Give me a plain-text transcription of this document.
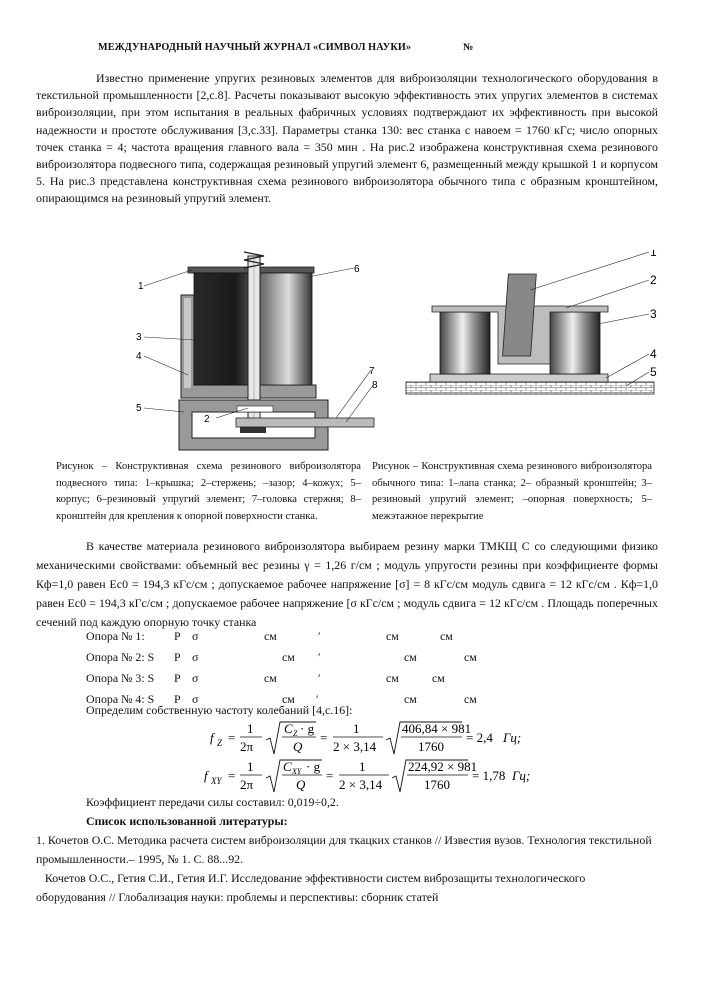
МЕЖДУНАРОДНЫЙ НАУЧНЫЙ ЖУРНАЛ «СИМВОЛ НАУКИ»	№

Известно применение упругих резиновых элементов для виброизоляции технологического оборудования в текстильной промышленности [2,с.8]. Расчеты показывают высокую эффективность этих упругих элементов в системах виброизоляции, при этом испытания в реальных фабричных условиях подтверждают их эффективность при высокой надежности и простоте обслуживания [3,с.33]. Параметры станка 130: вес станка с навоем = 1760 кГс; число опорных точек станка = 4; частота вращения главного вала = 350 мин . На рис.2 изображена конструктивная схема резинового виброизолятора подвесного типа, содержащая резиновый упругий элемент 6, размещенный между крышкой 1 и корпусом 5. На рис.3 представлена конструктивная схема резинового виброизолятора обычного типа с образным кронштейном, опирающимся на резиновый упругий элемент.

1
6
3
4
5
2
7
8
1
2
3
4
5
Рисунок – Конструктивная схема резинового виброизолятора подвесного типа: 1–крышка; 2–стержень; –зазор; 4–кожух; 5–корпус; 6–резиновый упругий элемент; 7–головка стержня; 8–кронштейн для крепления к опорной поверхности станка.
Рисунок – Конструктивная схема резинового виброизолятора обычного типа: 1–лапа станка; 2– образный кронштейн; 3–резиновый упругий элемент; –опорная поверхность; 5–межэтажное перекрытие

В качестве материала резинового виброизолятора выбираем резину марки ТМКЩ С со следующими физико механическими свойствами: объемный вес резины γ = 1,26 г/см ; модуль упругости резины при коэффициенте формы Кф=1,0 равен Ес0 = 194,3 кГс/см ; допускаемое рабочее напряжение [σ] = 8 кГс/см модуль сдвига = 12 кГс/см . Кф=1,0 равен Ес0 = 194,3 кГс/см ; допускаемое рабочее напряжение [σ кГс/см ; модуль сдвига = 12 кГс/см . Площадь поперечных сечений под каждую опорную точку станка

Опора № 1: P σ	см	′	см	см
Опора № 2: S P σ	см ′	см	см
Опора № 3: S P σ	см	′	см	см
Опора № 4: S P σ	см ′	см	см
Определим собственную частоту колебаний [4,с.16]:
f Z =
1
2π
C Z · g
Q
=
1
2 × 3,14
406,84 × 981
1760
= 2,4 Гц;
f XY =
1
2π
C XY · g
Q
=
1
2 × 3,14
224,92 × 981
1760
= 1,78 Гц;
Коэффициент передачи силы составил: 0,019÷0,2.

Список использованной литературы:

1. Кочетов О.С. Методика расчета систем виброизоляции для ткацких станков // Известия вузов. Технология текстильной промышленности.– 1995, № 1. С. 88...92.

Кочетов О.С., Гетия С.И., Гетия И.Г. Исследование эффективности систем виброзащиты технологического оборудования // Глобализация науки: проблемы и перспективы: сборник статей
